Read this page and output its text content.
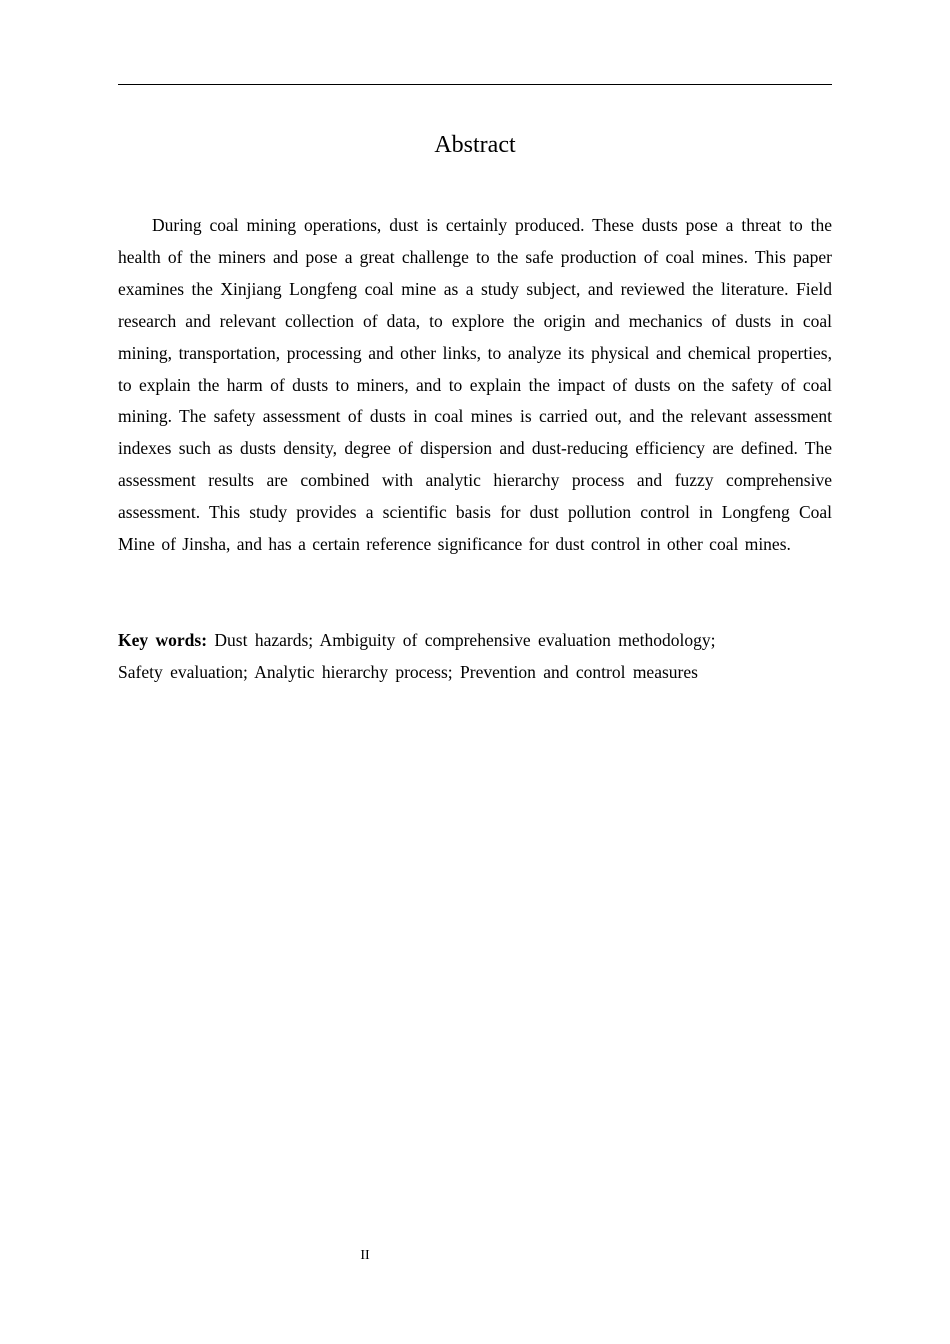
Abstract

During coal mining operations, dust is certainly produced. These dusts pose a threat to the health of the miners and pose a great challenge to the safe production of coal mines. This paper examines the Xinjiang Longfeng coal mine as a study subject, and reviewed the literature. Field research and relevant collection of data, to explore the origin and mechanics of dusts in coal mining, transportation, processing and other links, to analyze its physical and chemical properties, to explain the harm of dusts to miners, and to explain the impact of dusts on the safety of coal mining. The safety assessment of dusts in coal mines is carried out, and the relevant assessment indexes such as dusts density, degree of dispersion and dust-reducing efficiency are defined. The assessment results are combined with analytic hierarchy process and fuzzy comprehensive assessment. This study provides a scientific basis for dust pollution control in Longfeng Coal Mine of Jinsha, and has a certain reference significance for dust control in other coal mines.

Key words: Dust hazards; Ambiguity of comprehensive evaluation methodology;
Safety evaluation; Analytic hierarchy process; Prevention and control measures

II
